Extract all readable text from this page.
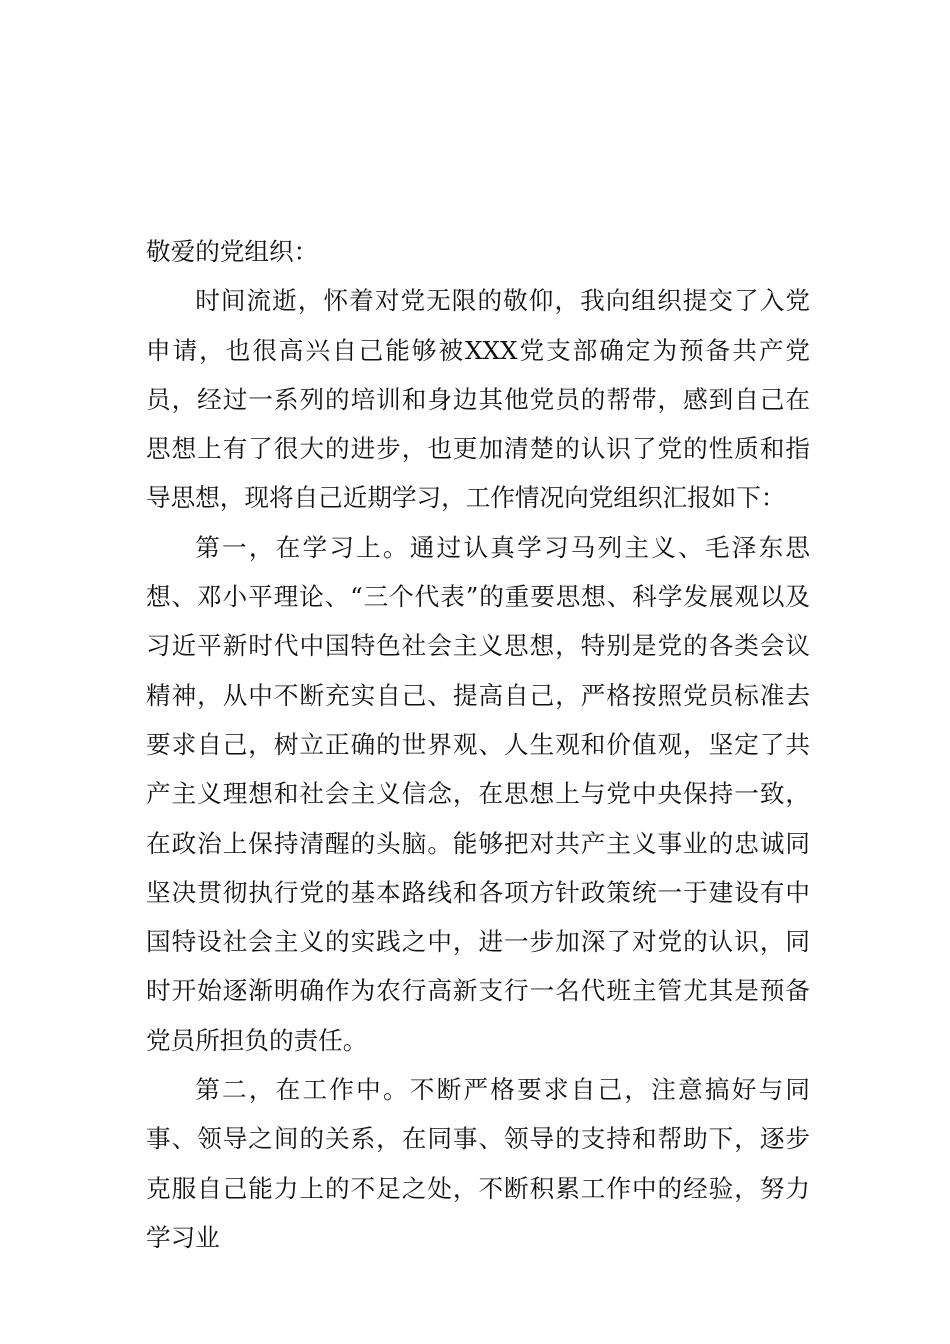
敬爱的党组织：

时间流逝，怀着对党无限的敬仰，我向组织提交了入党申请，也很高兴自己能够被XXX党支部确定为预备共产党员，经过一系列的培训和身边其他党员的帮带，感到自己在思想上有了很大的进步，也更加清楚的认识了党的性质和指导思想，现将自己近期学习，工作情况向党组织汇报如下：

第一，在学习上。通过认真学习马列主义、毛泽东思想、邓小平理论、“三个代表”的重要思想、科学发展观以及习近平新时代中国特色社会主义思想，特别是党的各类会议精神，从中不断充实自己、提高自己，严格按照党员标准去要求自己，树立正确的世界观、人生观和价值观，坚定了共产主义理想和社会主义信念，在思想上与党中央保持一致，在政治上保持清醒的头脑。能够把对共产主义事业的忠诚同坚决贯彻执行党的基本路线和各项方针政策统一于建设有中国特设社会主义的实践之中，进一步加深了对党的认识，同时开始逐渐明确作为农行高新支行一名代班主管尤其是预备党员所担负的责任。

第二，在工作中。不断严格要求自己，注意搞好与同事、领导之间的关系，在同事、领导的支持和帮助下，逐步克服自己能力上的不足之处，不断积累工作中的经验，努力学习业
